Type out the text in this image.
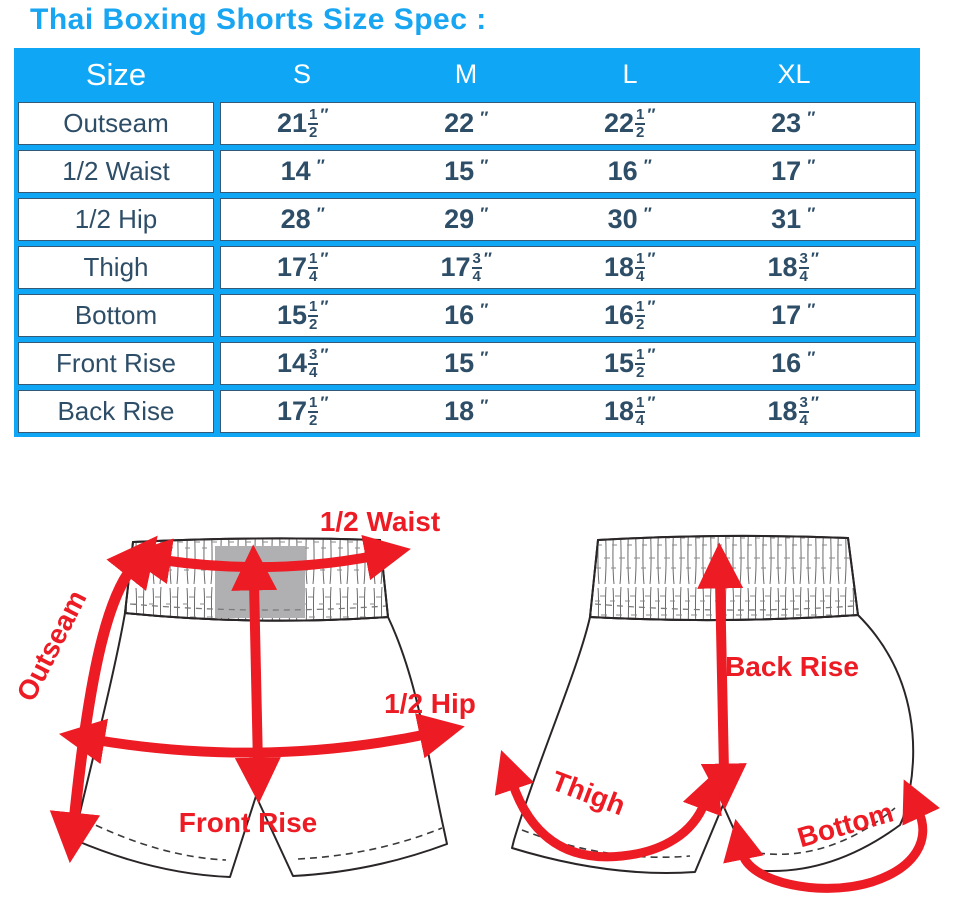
Thai Boxing Shorts Size Spec :
Size	S	M	L	XL
Outseam	$21 \frac{1}{2}$ ″	22 ″	$22 \frac{1}{2}$ ″	23 ″
1/2 Waist	14 ″	15 ″	16 ″	17 ″
1/2 Hip	28 ″	29 ″	30 ″	31 ″
Thigh	$17 \frac{1}{4}$ ″	$17 \frac{3}{4}$ ″	$18 \frac{1}{4}$ ″	$18 \frac{3}{4}$ ″
Bottom	$15 \frac{1}{2}$ ″	16 ″	$16 \frac{1}{2}$ ″	17 ″
Front Rise	$14 \frac{3}{4}$ ″	15 ″	$15 \frac{1}{2}$ ″	16 ″
Back Rise	$17 \frac{1}{2}$ ″	18 ″	$18 \frac{1}{4}$ ″	$18 \frac{3}{4}$ ″
1/2 Waist
Outseam	1/2 Hip
Front Rise
Back Rise
Thigh
Bottom
